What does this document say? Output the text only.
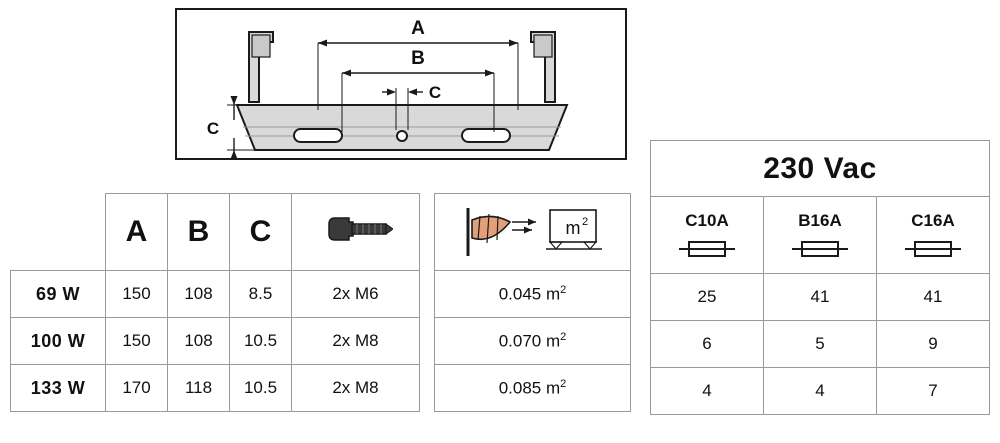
A
B
C
C
	A	B	C			m 2

69 W	150	108	8.5	2x M6		0.045 $m^2$
100 W	150	108	10.5	2x M8		0.070 $m^2$
133 W	170	118	10.5	2x M8		0.085 $m^2$
230 Vac		

C10A	B16A	C16A

25	41	41
6	5	9
4	4	7
